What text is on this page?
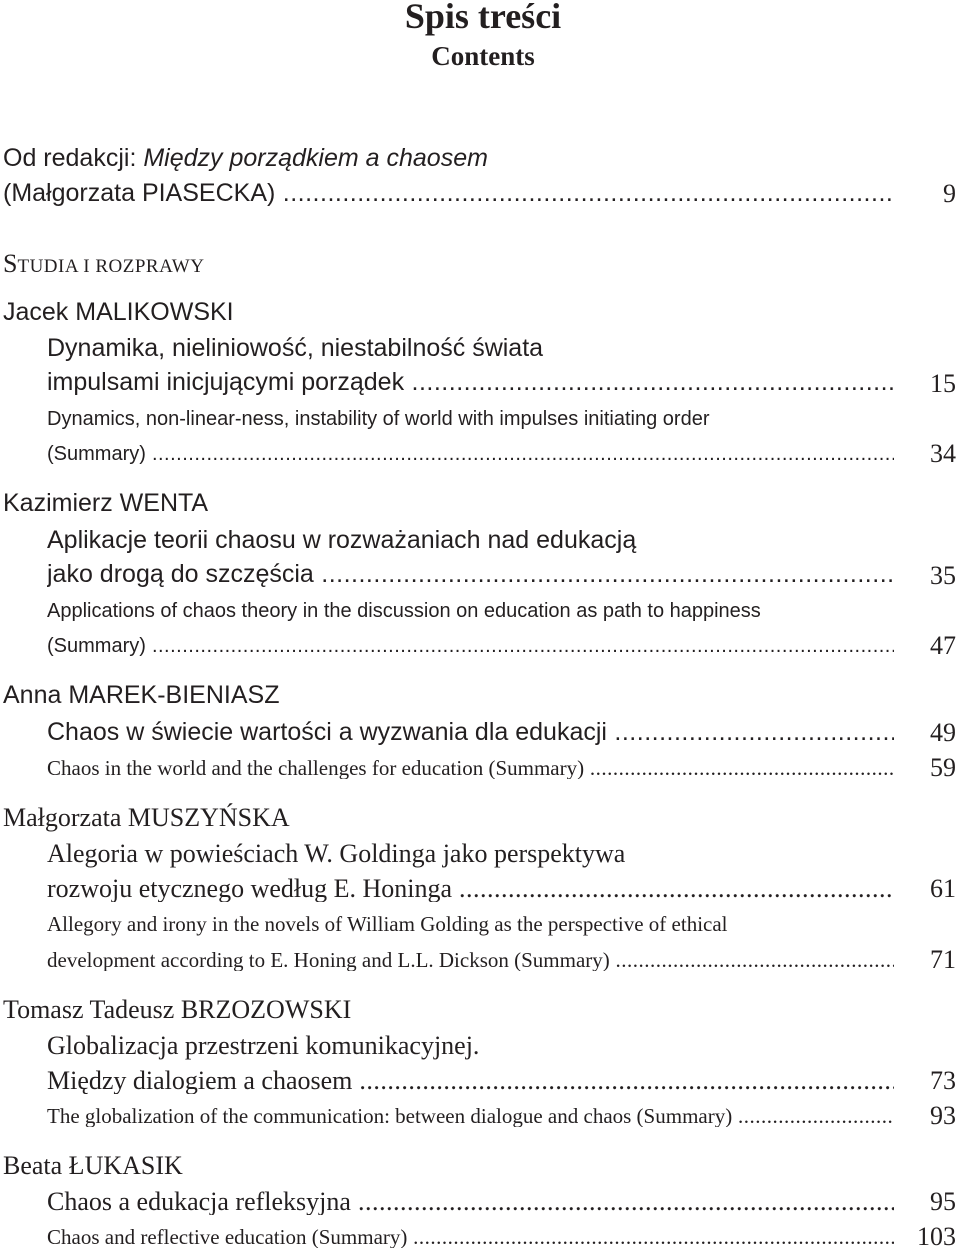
Spis treści
Contents
Od redakcji: Między porządkiem a chaosem
(Małgorzata PIASECKA) .....	9
STUDIA I ROZPRAWY
Jacek MALIKOWSKI
Dynamika, nieliniowość, niestabilność świata
impulsami inicjującymi porządek .....	15
Dynamics, non-linear-ness, instability of world with impulses initiating order
(Summary) .....	34
Kazimierz WENTA
Aplikacje teorii chaosu w rozważaniach nad edukacją
jako drogą do szczęścia .....	35
Applications of chaos theory in the discussion on education as path to happiness
(Summary) .....	47
Anna MAREK-BIENIASZ
Chaos w świecie wartości a wyzwania dla edukacji .....	49
Chaos in the world and the challenges for education (Summary) .....	59
Małgorzata MUSZYŃSKA
Alegoria w powieściach W. Goldinga jako perspektywa
rozwoju etycznego według E. Honinga .....	61
Allegory and irony in the novels of William Golding as the perspective of ethical
development according to E. Honing and L.L. Dickson (Summary) .....	71
Tomasz Tadeusz BRZOZOWSKI
Globalizacja przestrzeni komunikacyjnej.
Między dialogiem a chaosem .....	73
The globalization of the communication: between dialogue and chaos (Summary) .....	93
Beata ŁUKASIK
Chaos a edukacja refleksyjna .....	95
Chaos and reflective education (Summary) .....	103
